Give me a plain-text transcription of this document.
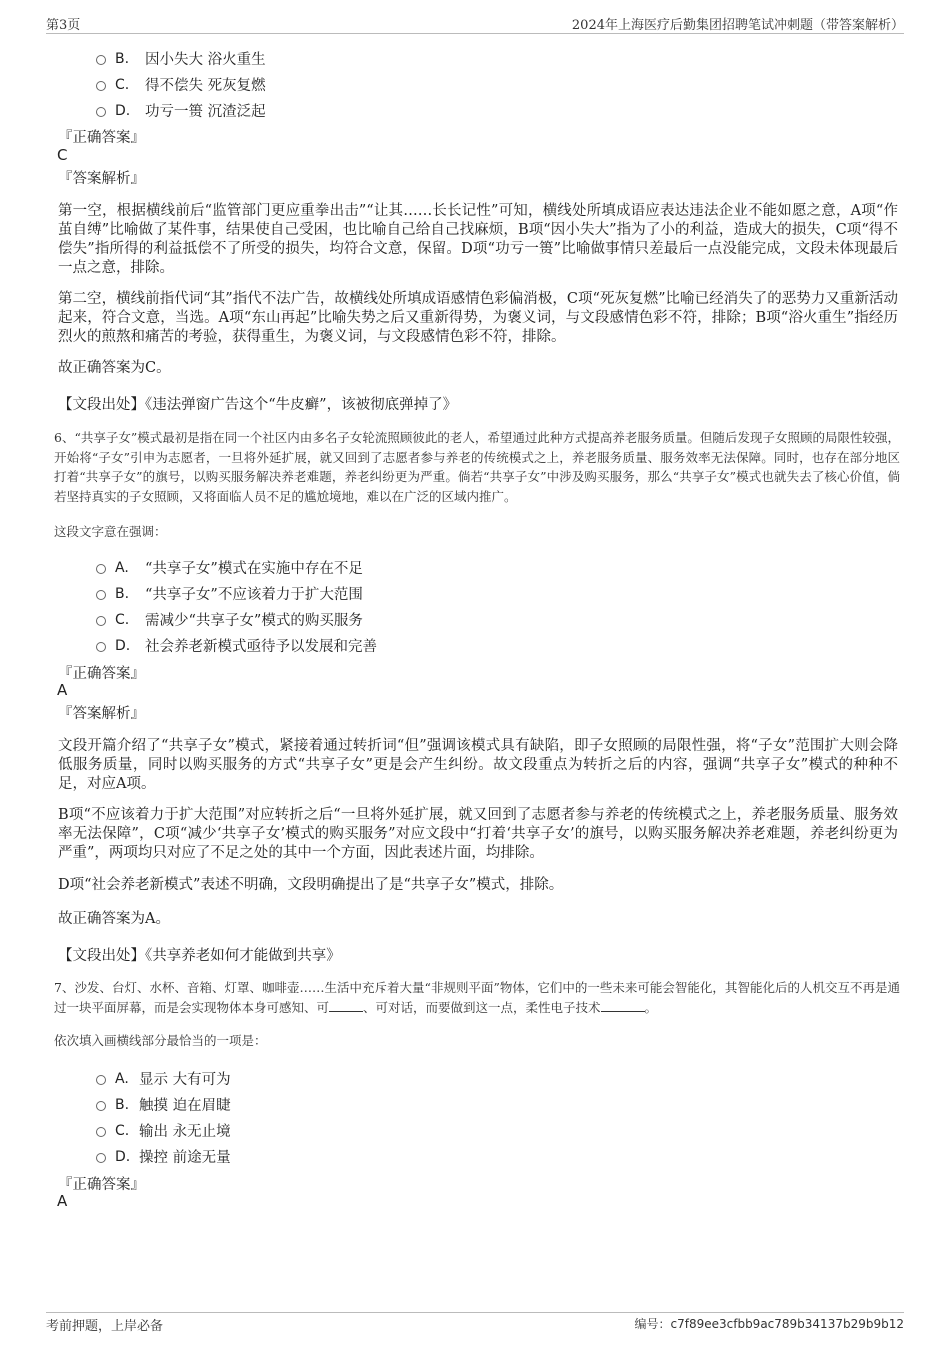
第3页	2024年上海医疗后勤集团招聘笔试冲刺题（带答案解析）
B.	因小失大 浴火重生
C.	得不偿失 死灰复燃
D.	功亏一篑 沉渣泛起
『正确答案』
C
『答案解析』
第一空，根据横线前后“监管部门更应重拳出击”“让其……长长记性”可知，横线处所填成语应表达违法企业不能如愿之意，A项“作茧自缚”比喻做了某件事，结果使自己受困，也比喻自己给自己找麻烦，B项“因小失大”指为了小的利益，造成大的损失，C项“得不偿失”指所得的利益抵偿不了所受的损失，均符合文意，保留。D项“功亏一篑”比喻做事情只差最后一点没能完成，文段未体现最后一点之意，排除。
第二空，横线前指代词“其”指代不法广告，故横线处所填成语感情色彩偏消极，C项“死灰复燃”比喻已经消失了的恶势力又重新活动起来，符合文意，当选。A项“东山再起”比喻失势之后又重新得势，为褒义词，与文段感情色彩不符，排除；B项“浴火重生”指经历烈火的煎熬和痛苦的考验，获得重生，为褒义词，与文段感情色彩不符，排除。
故正确答案为C。
【文段出处】《违法弹窗广告这个“牛皮癣”，该被彻底弹掉了》
6、“共享子女”模式最初是指在同一个社区内由多名子女轮流照顾彼此的老人，希望通过此种方式提高养老服务质量。但随后发现子女照顾的局限性较强，开始将“子女”引申为志愿者，一旦将外延扩展，就又回到了志愿者参与养老的传统模式之上，养老服务质量、服务效率无法保障。同时，也存在部分地区打着“共享子女”的旗号，以购买服务解决养老难题，养老纠纷更为严重。倘若“共享子女”中涉及购买服务，那么“共享子女”模式也就失去了核心价值，倘若坚持真实的子女照顾，又将面临人员不足的尴尬境地，难以在广泛的区域内推广。
这段文字意在强调：
A.	“共享子女”模式在实施中存在不足
B.	“共享子女”不应该着力于扩大范围
C.	需减少“共享子女”模式的购买服务
D.	社会养老新模式亟待予以发展和完善
『正确答案』
A
『答案解析』
文段开篇介绍了“共享子女”模式，紧接着通过转折词“但”强调该模式具有缺陷，即子女照顾的局限性强，将“子女”范围扩大则会降低服务质量，同时以购买服务的方式“共享子女”更是会产生纠纷。故文段重点为转折之后的内容，强调“共享子女”模式的种种不足，对应A项。
B项“不应该着力于扩大范围”对应转折之后“一旦将外延扩展，就又回到了志愿者参与养老的传统模式之上，养老服务质量、服务效率无法保障”，C项“减少‘共享子女’模式的购买服务”对应文段中“打着‘共享子女’的旗号，以购买服务解决养老难题，养老纠纷更为严重”，两项均只对应了不足之处的其中一个方面，因此表述片面，均排除。
D项“社会养老新模式”表述不明确，文段明确提出了是“共享子女”模式，排除。
故正确答案为A。
【文段出处】《共享养老如何才能做到共享》
7、沙发、台灯、水杯、音箱、灯罩、咖啡壶……生活中充斥着大量“非规则平面”物体，它们中的一些未来可能会智能化，其智能化后的人机交互不再是通过一块平面屏幕，而是会实现物体本身可感知、可	、可对话，而要做到这一点，柔性电子技术	。
依次填入画横线部分最恰当的一项是：
A. 显示 大有可为
B. 触摸 迫在眉睫
C. 输出 永无止境
D. 操控 前途无量
『正确答案』
A
考前押题，上岸必备	编号：c7f89ee3cfbb9ac789b34137b29b9b12
